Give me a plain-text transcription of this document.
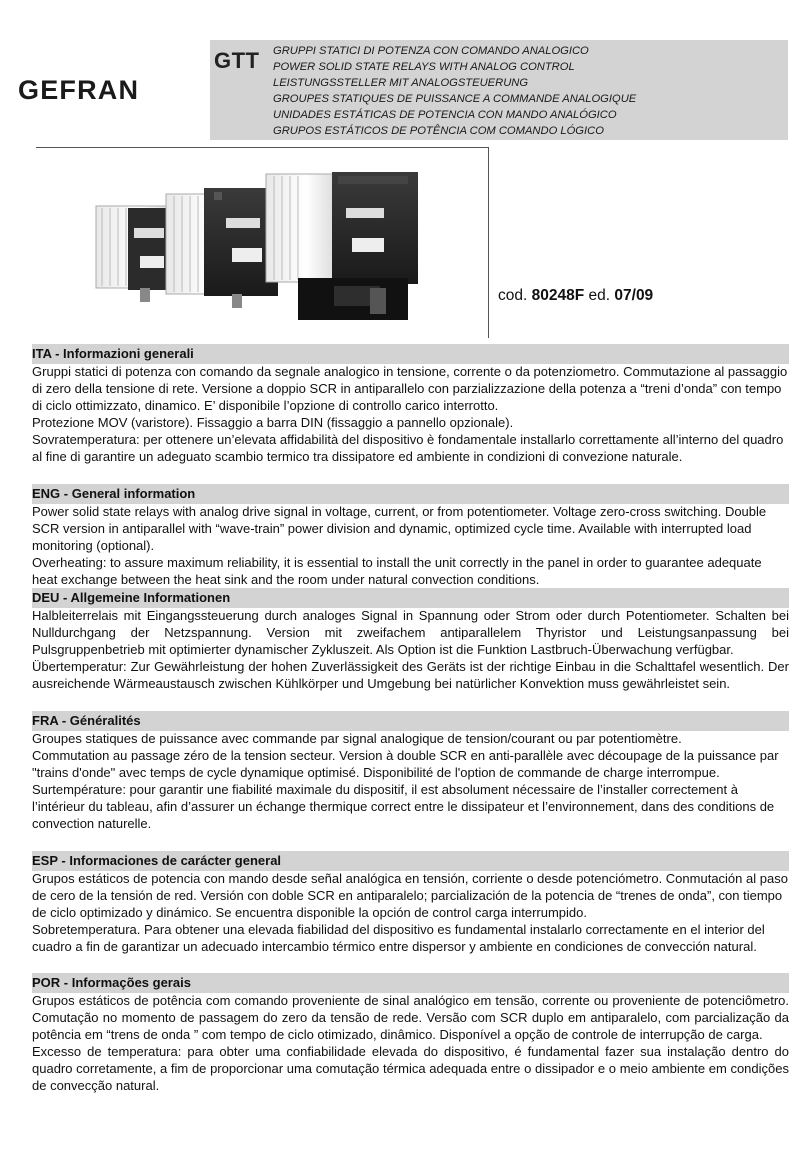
GEFRAN
GTT GRUPPI STATICI DI POTENZA CON COMANDO ANALOGICO
POWER SOLID STATE RELAYS WITH ANALOG CONTROL
LEISTUNGSSTELLER MIT ANALOGSTEUERUNG
GROUPES STATIQUES DE PUISSANCE A COMMANDE ANALOGIQUE
UNIDADES ESTÁTICAS DE POTENCIA CON MANDO ANALÓGICO
GRUPOS ESTÁTICOS DE POTÊNCIA COM COMANDO LÓGICO
cod. 80248F ed. 07/09
ITA - Informazioni generali

Gruppi statici di potenza con comando da segnale analogico in tensione, corrente o da potenziometro. Commutazione al passaggio di zero della tensione di rete. Versione a doppio SCR in antiparallelo con parzializzazione della potenza a “treni d’onda” con tempo di ciclo ottimizzato, dinamico. E’ disponibile l’opzione di controllo carico interrotto.

Protezione MOV (varistore). Fissaggio a barra DIN (fissaggio a pannello opzionale).

Sovratemperatura: per ottenere un’elevata affidabilità del dispositivo è fondamentale installarlo correttamente all’interno del quadro al fine di garantire un adeguato scambio termico tra dissipatore ed ambiente in condizioni di convezione naturale.

ENG - General information

Power solid state relays with analog drive signal in voltage, current, or from potentiometer. Voltage zero-cross switching. Double SCR version in antiparallel with “wave-train” power division and dynamic, optimized cycle time. Available with interrupted load monitoring (optional).

Overheating: to assure maximum reliability, it is essential to install the unit correctly in the panel in order to guarantee adequate heat exchange between the heat sink and the room under natural convection conditions.

DEU - Allgemeine Informationen

Halbleiterrelais mit Eingangssteuerung durch analoges Signal in Spannung oder Strom oder durch Potentiometer. Schalten bei Nulldurchgang der Netzspannung. Version mit zweifachem antiparallelem Thyristor und Leistungsanpassung bei Pulsgruppenbetrieb mit optimierter dynamischer Zykluszeit. Als Option ist die Funktion Lastbruch-Überwachung verfügbar.

Übertemperatur: Zur Gewährleistung der hohen Zuverlässigkeit des Geräts ist der richtige Einbau in die Schalttafel wesentlich. Der ausreichende Wärmeaustausch zwischen Kühlkörper und Umgebung bei natürlicher Konvektion muss gewährleistet sein.

FRA - Généralités

Groupes statiques de puissance avec commande par signal analogique de tension/courant ou par potentiomètre.

Commutation au passage zéro de la tension secteur. Version à double SCR en anti-parallèle avec découpage de la puissance par "trains d'onde" avec temps de cycle dynamique optimisé. Disponibilité de l'option de commande de charge interrompue.

Surtempérature: pour garantir une fiabilité maximale du dispositif, il est absolument nécessaire de l’installer correctement à l’intérieur du tableau, afin d’assurer un échange thermique correct entre le dissipateur et l’environnement, dans des conditions de convection naturelle.

ESP - Informaciones de carácter general

Grupos estáticos de potencia con mando desde señal analógica en tensión, corriente o desde potenciómetro. Conmutación al paso de cero de la tensión de red. Versión con doble SCR en antiparalelo; parcialización de la potencia de “trenes de onda”, con tiempo de ciclo optimizado y dinámico. Se encuentra disponible la opción de control carga interrumpido.

Sobretemperatura. Para obtener una elevada fiabilidad del dispositivo es fundamental instalarlo correctamente en el interior del cuadro a fin de garantizar un adecuado intercambio térmico entre dispersor y ambiente en condiciones de convección natural.

POR - Informações gerais

Grupos estáticos de potência com comando proveniente de sinal analógico em tensão, corrente ou proveniente de potenciômetro. Comutação no momento de passagem do zero da tensão de rede. Versão com SCR duplo em antiparalelo, com parcialização da potência em “trens de onda ” com tempo de ciclo otimizado, dinâmico. Disponível a opção de controle de interrupção de carga.

Excesso de temperatura: para obter uma confiabilidade elevada do dispositivo, é fundamental fazer sua instalação dentro do quadro corretamente, a fim de proporcionar uma comutação térmica adequada entre o dissipador e o meio ambiente em condições de convecção natural.
